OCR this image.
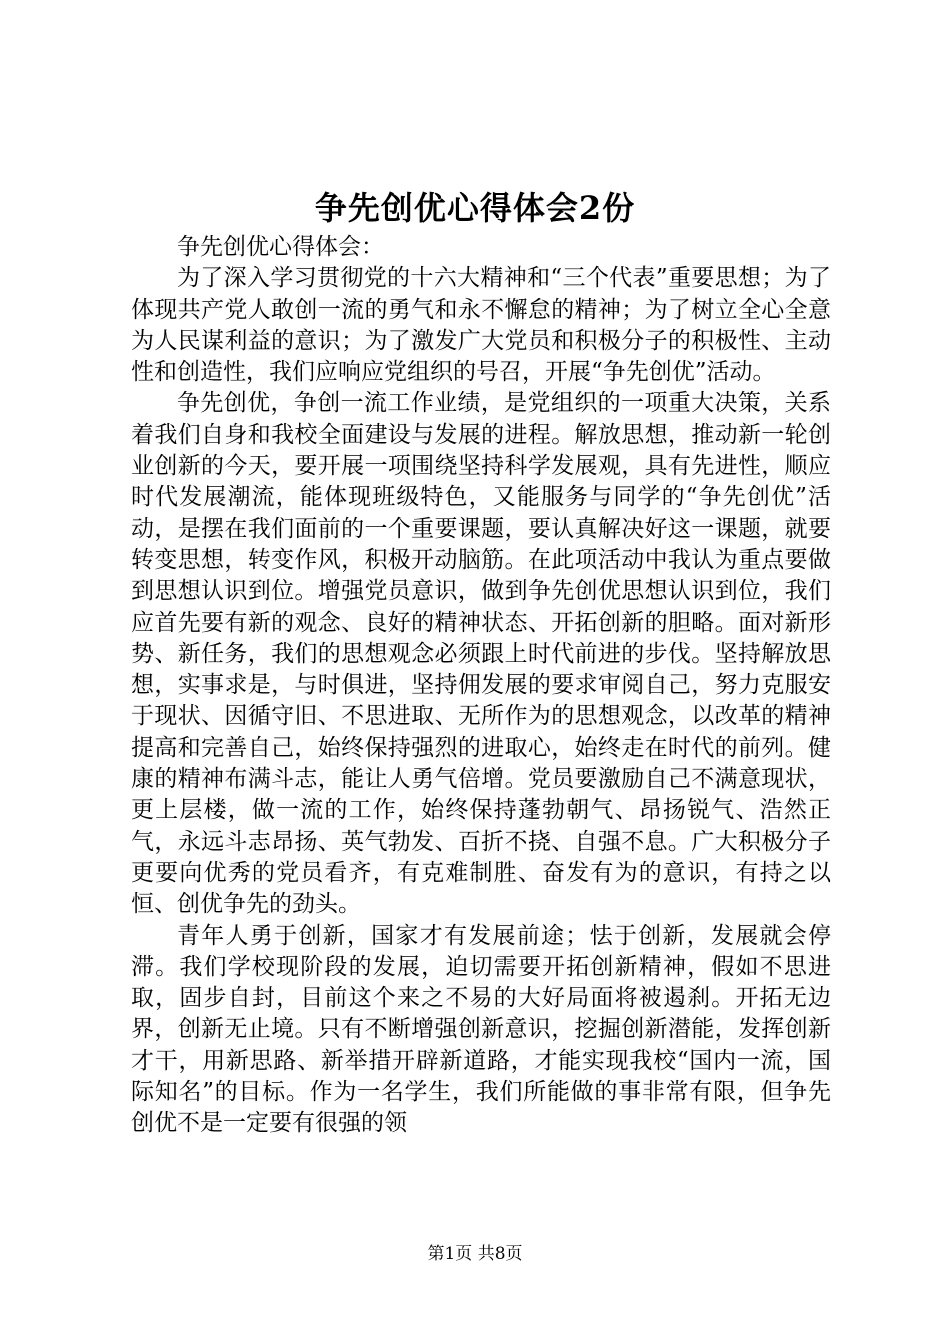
争先创优心得体会2份

争先创优心得体会：

为了深入学习贯彻党的十六大精神和“三个代表”重要思想；为了体现共产党人敢创一流的勇气和永不懈怠的精神；为了树立全心全意为人民谋利益的意识；为了激发广大党员和积极分子的积极性、主动性和创造性，我们应响应党组织的号召，开展“争先创优”活动。

争先创优，争创一流工作业绩，是党组织的一项重大决策，关系着我们自身和我校全面建设与发展的进程。解放思想，推动新一轮创业创新的今天，要开展一项围绕坚持科学发展观，具有先进性，顺应时代发展潮流，能体现班级特色，又能服务与同学的“争先创优”活动，是摆在我们面前的一个重要课题，要认真解决好这一课题，就要转变思想，转变作风，积极开动脑筋。在此项活动中我认为重点要做到思想认识到位。增强党员意识，做到争先创优思想认识到位，我们应首先要有新的观念、良好的精神状态、开拓创新的胆略。面对新形势、新任务，我们的思想观念必须跟上时代前进的步伐。坚持解放思想，实事求是，与时俱进，坚持佣发展的要求审阅自己，努力克服安于现状、因循守旧、不思进取、无所作为的思想观念，以改革的精神提高和完善自己，始终保持强烈的进取心，始终走在时代的前列。健康的精神布满斗志，能让人勇气倍增。党员要激励自己不满意现状，更上层楼，做一流的工作，始终保持蓬勃朝气、昂扬锐气、浩然正气，永远斗志昂扬、英气勃发、百折不挠、自强不息。广大积极分子更要向优秀的党员看齐，有克难制胜、奋发有为的意识，有持之以恒、创优争先的劲头。

青年人勇于创新，国家才有发展前途；怯于创新，发展就会停滞。我们学校现阶段的发展，迫切需要开拓创新精神，假如不思进取，固步自封，目前这个来之不易的大好局面将被遏刹。开拓无边界，创新无止境。只有不断增强创新意识，挖掘创新潜能，发挥创新才干，用新思路、新举措开辟新道路，才能实现我校“国内一流，国际知名”的目标。作为一名学生，我们所能做的事非常有限，但争先创优不是一定要有很强的领

第1页 共8页
